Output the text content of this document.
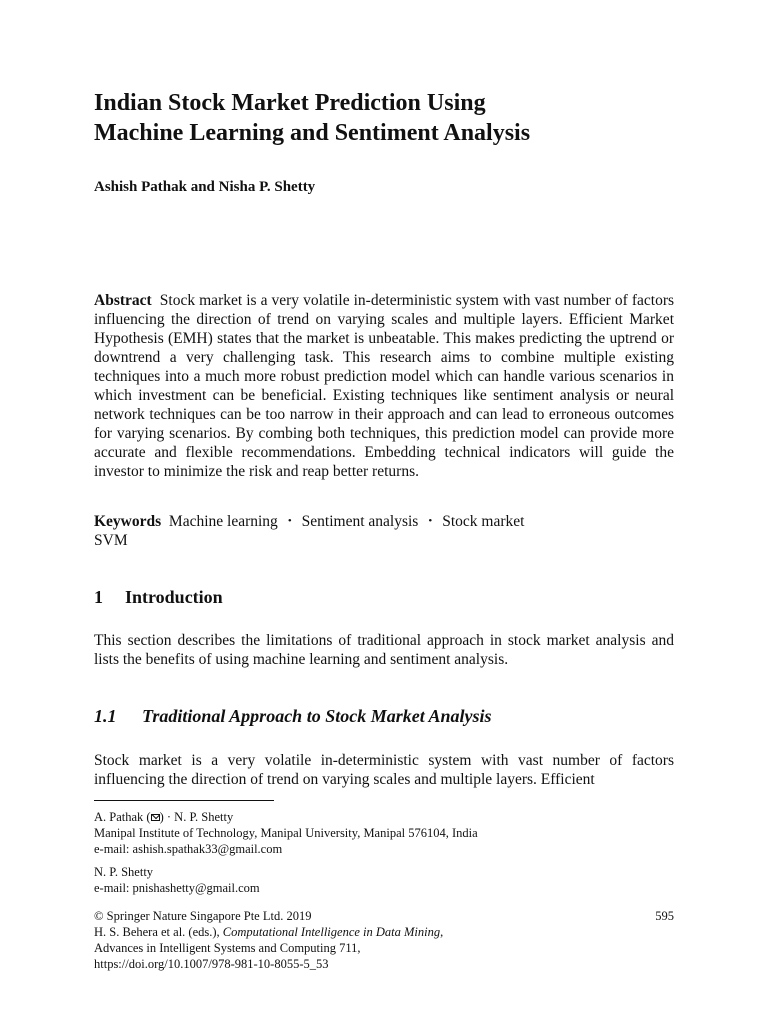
Indian Stock Market Prediction Using
Machine Learning and Sentiment Analysis
Ashish Pathak and Nisha P. Shetty

Abstract Stock market is a very volatile in-deterministic system with vast number of factors influencing the direction of trend on varying scales and multiple layers. Efficient Market Hypothesis (EMH) states that the market is unbeatable. This makes predicting the uptrend or downtrend a very challenging task. This research aims to combine multiple existing techniques into a much more robust prediction model which can handle various scenarios in which investment can be beneficial. Existing techniques like sentiment analysis or neural network techniques can be too narrow in their approach and can lead to erroneous outcomes for varying scenarios. By combing both techniques, this prediction model can provide more accurate and flexible recommendations. Embedding technical indicators will guide the investor to minimize the risk and reap better returns.

Keywords Machine learning • Sentiment analysis • Stock market
SVM
1 Introduction

This section describes the limitations of traditional approach in stock market analysis and lists the benefits of using machine learning and sentiment analysis.

1.1 Traditional Approach to Stock Market Analysis

Stock market is a very volatile in-deterministic system with vast number of factors influencing the direction of trend on varying scales and multiple layers. Efficient

A. Pathak ( ) · N. P. Shetty
Manipal Institute of Technology, Manipal University, Manipal 576104, India
e-mail: ashish.spathak33@gmail.com
N. P. Shetty
e-mail: pnishashetty@gmail.com
© Springer Nature Singapore Pte Ltd. 2019
H. S. Behera et al. (eds.), Computational Intelligence in Data Mining,
Advances in Intelligent Systems and Computing 711,
https://doi.org/10.1007/978-981-10-8055-5_53
595
